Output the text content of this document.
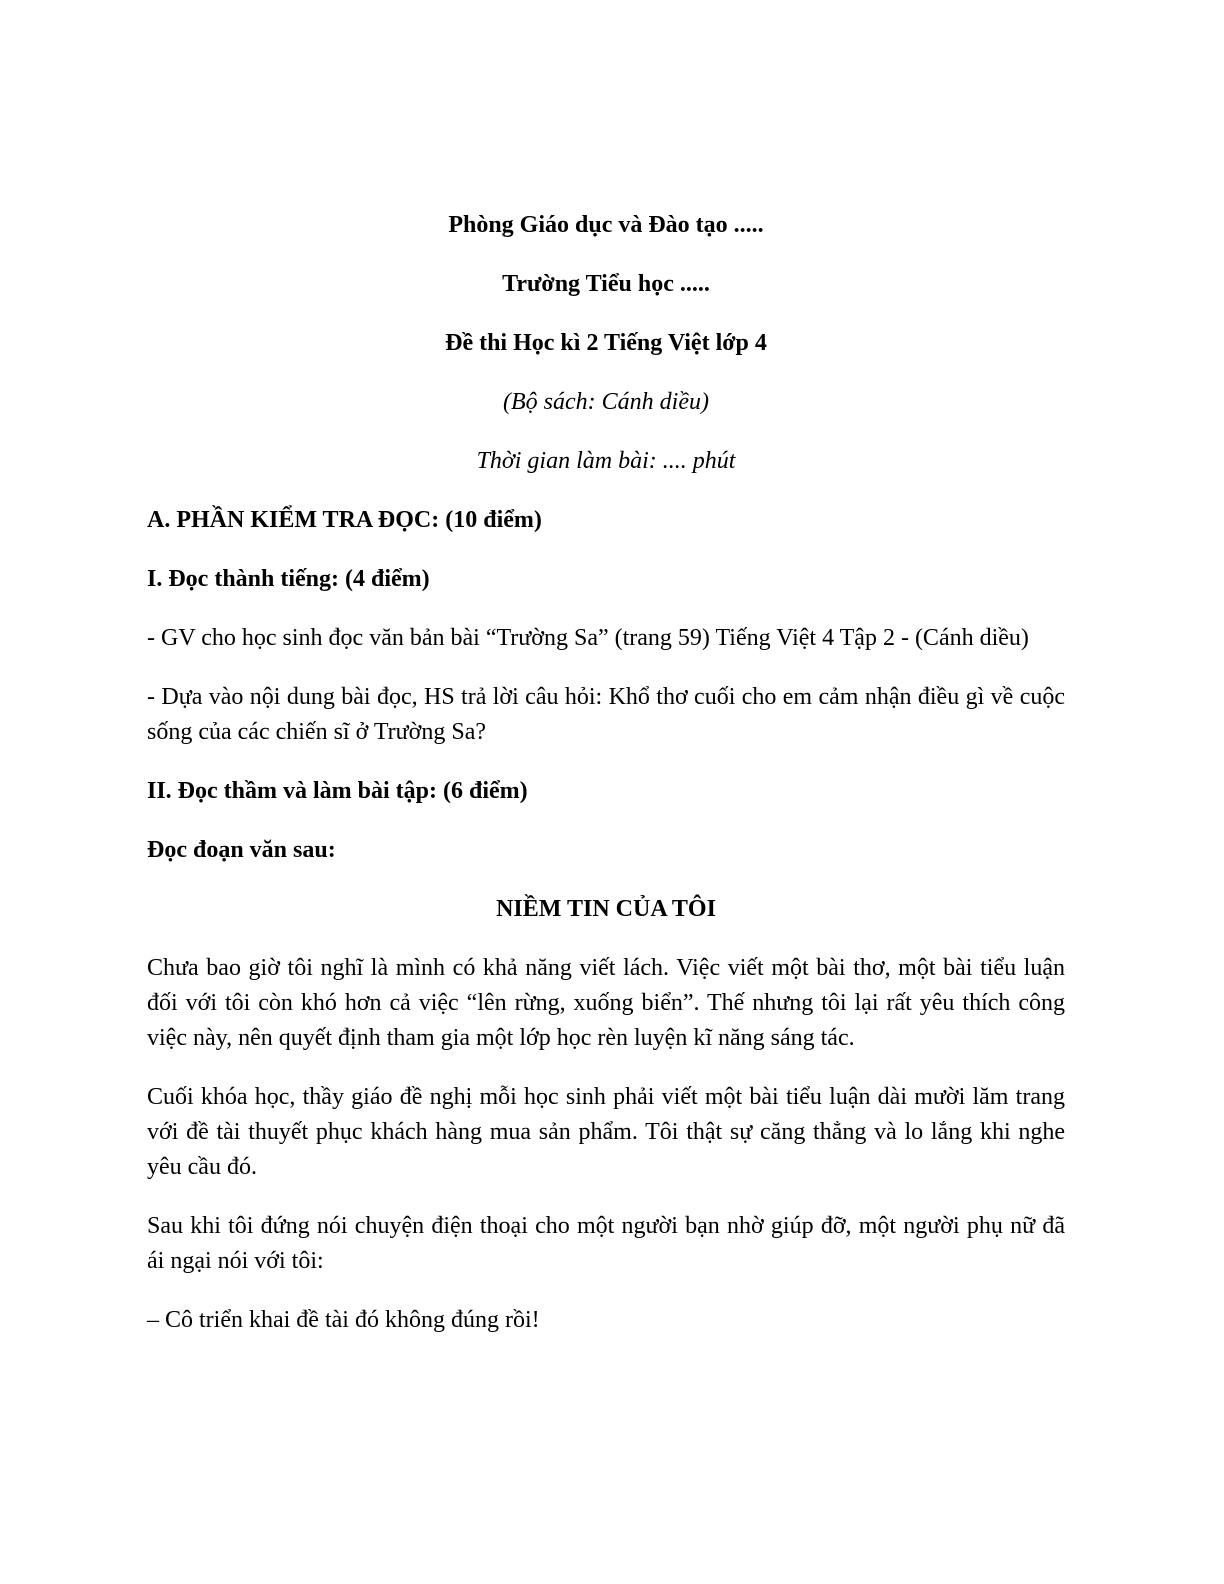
Phòng Giáo dục và Đào tạo .....

Trường Tiểu học .....

Đề thi Học kì 2 Tiếng Việt lớp 4

(Bộ sách: Cánh diều)

Thời gian làm bài: .... phút

A. PHẦN KIỂM TRA ĐỌC: (10 điểm)

I. Đọc thành tiếng: (4 điểm)

- GV cho học sinh đọc văn bản bài “Trường Sa” (trang 59) Tiếng Việt 4 Tập 2 - (Cánh diều)

- Dựa vào nội dung bài đọc, HS trả lời câu hỏi: Khổ thơ cuối cho em cảm nhận điều gì về cuộc sống của các chiến sĩ ở Trường Sa?

II. Đọc thầm và làm bài tập: (6 điểm)

Đọc đoạn văn sau:

NIỀM TIN CỦA TÔI

Chưa bao giờ tôi nghĩ là mình có khả năng viết lách. Việc viết một bài thơ, một bài tiểu luận đối với tôi còn khó hơn cả việc “lên rừng, xuống biển”. Thế nhưng tôi lại rất yêu thích công việc này, nên quyết định tham gia một lớp học rèn luyện kĩ năng sáng tác.

Cuối khóa học, thầy giáo đề nghị mỗi học sinh phải viết một bài tiểu luận dài mười lăm trang với đề tài thuyết phục khách hàng mua sản phẩm. Tôi thật sự căng thẳng và lo lắng khi nghe yêu cầu đó.

Sau khi tôi đứng nói chuyện điện thoại cho một người bạn nhờ giúp đỡ, một người phụ nữ đã ái ngại nói với tôi:

– Cô triển khai đề tài đó không đúng rồi!
